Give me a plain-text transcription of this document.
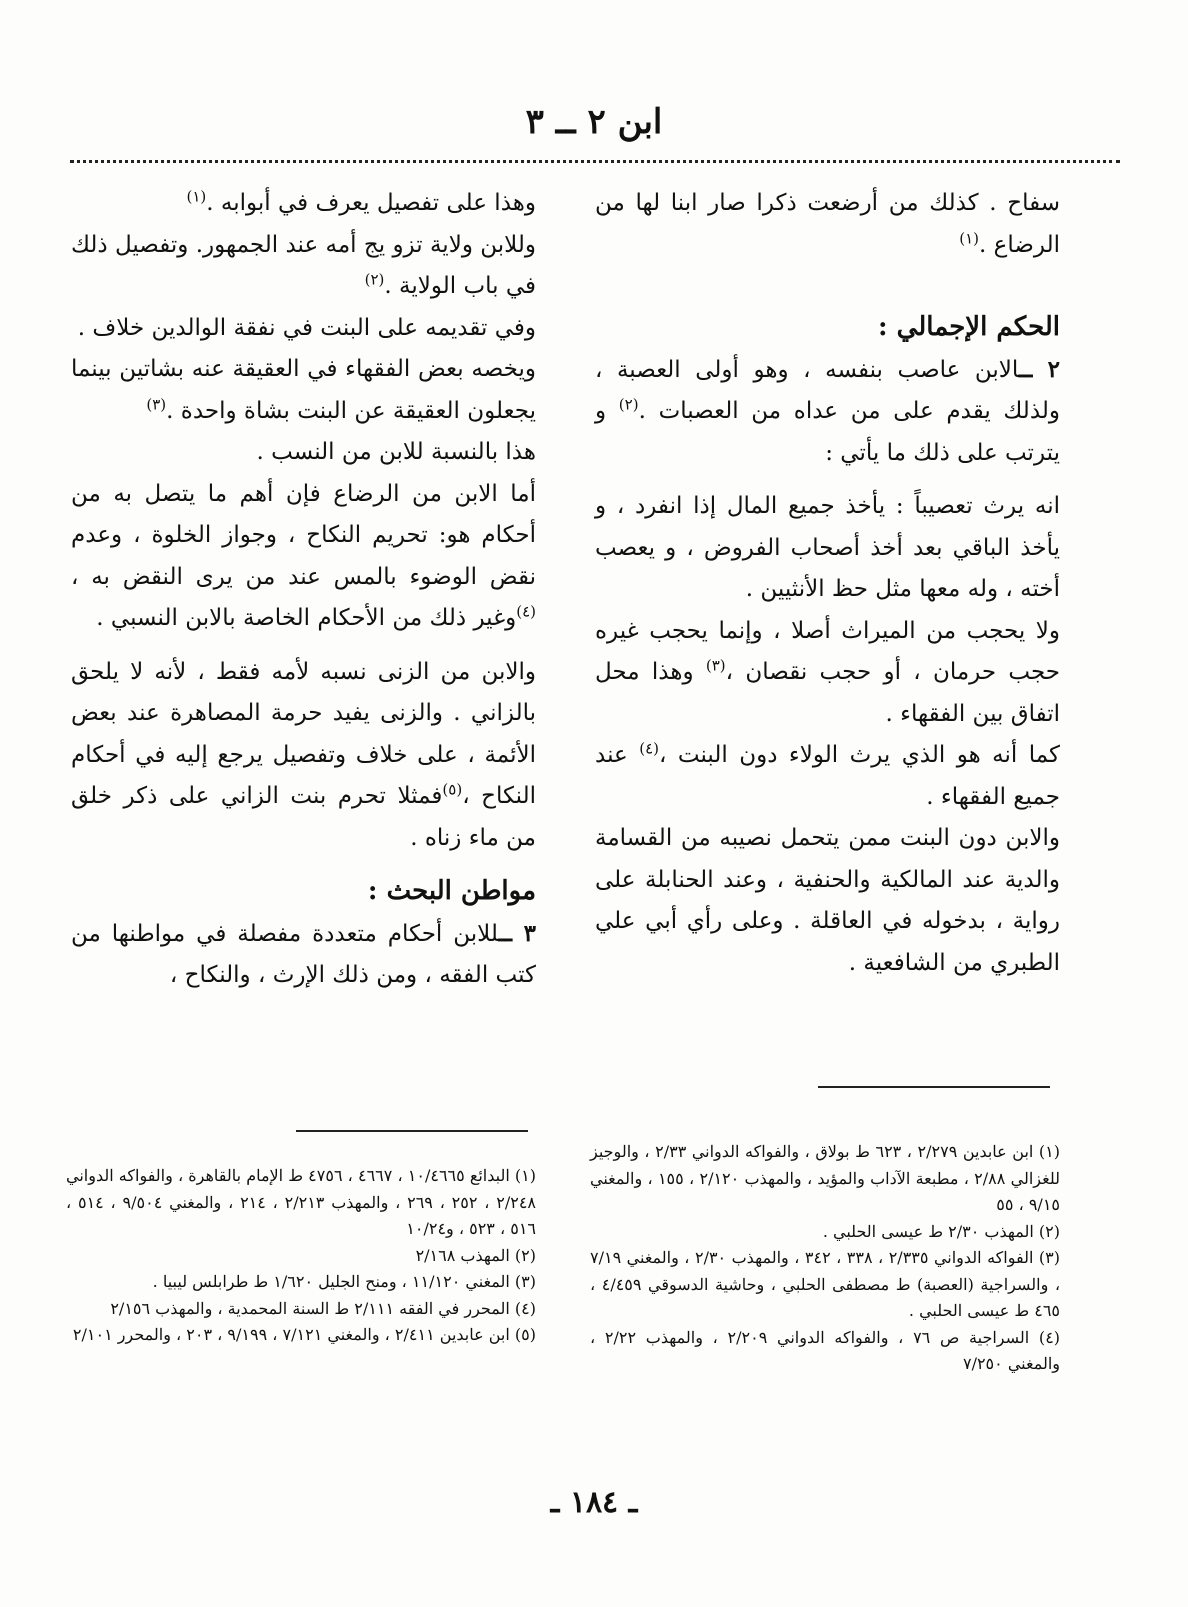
ابن ٢ ــ ٣

سفاح . كذلك من أرضعت ذكرا صار ابنا لها من الرضاع .$^{(١)}$

الحكم الإجمالي :

٢ ــالابن عاصب بنفسه ، وهو أولى العصبة ، ولذلك يقدم على من عداه من العصبات .$^{(٢)}$ و يترتب على ذلك ما يأتي :

انه يرث تعصيباً : يأخذ جميع المال إذا انفرد ، و يأخذ الباقي بعد أخذ أصحاب الفروض ، و يعصب أخته ، وله معها مثل حظ الأنثيين .

ولا يحجب من الميراث أصلا ، وإنما يحجب غيره حجب حرمان ، أو حجب نقصان ،$^{(٣)}$ وهذا محل اتفاق بين الفقهاء .

كما أنه هو الذي يرث الولاء دون البنت ،$^{(٤)}$ عند جميع الفقهاء .

والابن دون البنت ممن يتحمل نصيبه من القسامة والدية عند المالكية والحنفية ، وعند الحنابلة على رواية ، بدخوله في العاقلة . وعلى رأي أبي علي الطبري من الشافعية .

وهذا على تفصيل يعرف في أبوابه .$^{(١)}$

وللابن ولاية تزو يج أمه عند الجمهور. وتفصيل ذلك في باب الولاية .$^{(٢)}$

وفي تقديمه على البنت في نفقة الوالدين خلاف .

ويخصه بعض الفقهاء في العقيقة عنه بشاتين بينما يجعلون العقيقة عن البنت بشاة واحدة .$^{(٣)}$

هذا بالنسبة للابن من النسب .

أما الابن من الرضاع فإن أهم ما يتصل به من أحكام هو: تحريم النكاح ، وجواز الخلوة ، وعدم نقض الوضوء بالمس عند من يرى النقض به ،$^{(٤)}$وغير ذلك من الأحكام الخاصة بالابن النسبي .

والابن من الزنى نسبه لأمه فقط ، لأنه لا يلحق بالزاني . والزنى يفيد حرمة المصاهرة عند بعض الأئمة ، على خلاف وتفصيل يرجع إليه في أحكام النكاح ،$^{(٥)}$فمثلا تحرم بنت الزاني على ذكر خلق من ماء زناه .

مواطن البحث :

٣ ــللابن أحكام متعددة مفصلة في مواطنها من كتب الفقه ، ومن ذلك الإرث ، والنكاح ،

(١) ابن عابدين ٢/٢٧٩ ، ٦٢٣ ط بولاق ، والفواكه الدواني ٢/٣٣ ، والوجيز للغزالي ٢/٨٨ ، مطبعة الآداب والمؤيد ، والمهذب ٢/١٢٠ ، ١٥٥ ، والمغني ٩/١٥ ، ٥٥

(٢) المهذب ٢/٣٠ ط عيسى الحلبي .

(٣) الفواكه الدواني ٢/٣٣٥ ، ٣٣٨ ، ٣٤٢ ، والمهذب ٢/٣٠ ، والمغني ٧/١٩ ، والسراجية (العصبة) ط مصطفى الحلبي ، وحاشية الدسوقي ٤/٤٥٩ ، ٤٦٥ ط عيسى الحلبي .

(٤) السراجية ص ٧٦ ، والفواكه الدواني ٢/٢٠٩ ، والمهذب ٢/٢٢ ، والمغني ٧/٢٥٠

(١) البدائع ١٠/٤٦٦٥ ، ٤٦٦٧ ، ٤٧٥٦ ط الإمام بالقاهرة ، والفواكه الدواني ٢/٢٤٨ ، ٢٥٢ ، ٢٦٩ ، والمهذب ٢/٢١٣ ، ٢١٤ ، والمغني ٩/٥٠٤ ، ٥١٤ ، ٥١٦ ، ٥٢٣ ، و١٠/٢٤

(٢) المهذب ٢/١٦٨

(٣) المغني ١١/١٢٠ ، ومنح الجليل ١/٦٢٠ ط طرابلس ليبيا .

(٤) المحرر في الفقه ٢/١١١ ط السنة المحمدية ، والمهذب ٢/١٥٦

(٥) ابن عابدين ٢/٤١١ ، والمغني ٧/١٢١ ، ٩/١٩٩ ، ٢٠٣ ، والمحرر ٢/١٠١

ـ ١٨٤ ـ
